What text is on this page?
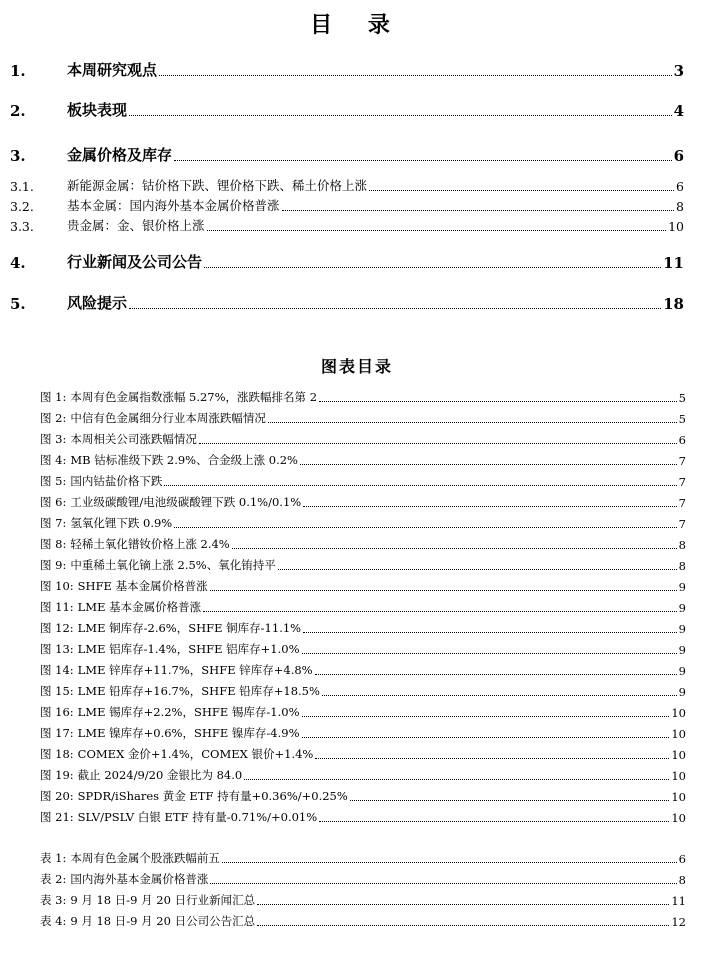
目 录
1.	本周研究观点	3
2.	板块表现	4
3.	金属价格及库存	6
3.1.	新能源金属：钴价格下跌、锂价格下跌、稀土价格上涨	6
3.2.	基本金属：国内海外基本金属价格普涨	8
3.3.	贵金属：金、银价格上涨	10
4.	行业新闻及公司公告	11
5.	风险提示	18
图表目录
图 1: 本周有色金属指数涨幅 5.27%，涨跌幅排名第 2	5
图 2: 中信有色金属细分行业本周涨跌幅情况	5
图 3: 本周相关公司涨跌幅情况	6
图 4: MB 钴标准级下跌 2.9%、合金级上涨 0.2%	7
图 5: 国内钴盐价格下跌	7
图 6: 工业级碳酸锂/电池级碳酸锂下跌 0.1%/0.1%	7
图 7: 氢氧化锂下跌 0.9%	7
图 8: 轻稀土氧化镨钕价格上涨 2.4%	8
图 9: 中重稀土氧化镝上涨 2.5%、氧化铕持平	8
图 10: SHFE 基本金属价格普涨	9
图 11: LME 基本金属价格普涨	9
图 12: LME 铜库存-2.6%，SHFE 铜库存-11.1%	9
图 13: LME 铝库存-1.4%，SHFE 铝库存+1.0%	9
图 14: LME 锌库存+11.7%，SHFE 锌库存+4.8%	9
图 15: LME 铅库存+16.7%，SHFE 铅库存+18.5%	9
图 16: LME 锡库存+2.2%，SHFE 锡库存-1.0%	10
图 17: LME 镍库存+0.6%，SHFE 镍库存-4.9%	10
图 18: COMEX 金价+1.4%，COMEX 银价+1.4%	10
图 19: 截止 2024/9/20 金银比为 84.0	10
图 20: SPDR/iShares 黄金 ETF 持有量+0.36%/+0.25%	10
图 21: SLV/PSLV 白银 ETF 持有量-0.71%/+0.01%	10
表 1: 本周有色金属个股涨跌幅前五	6
表 2: 国内海外基本金属价格普涨	8
表 3: 9 月 18 日-9 月 20 日行业新闻汇总	11
表 4: 9 月 18 日-9 月 20 日公司公告汇总	12
